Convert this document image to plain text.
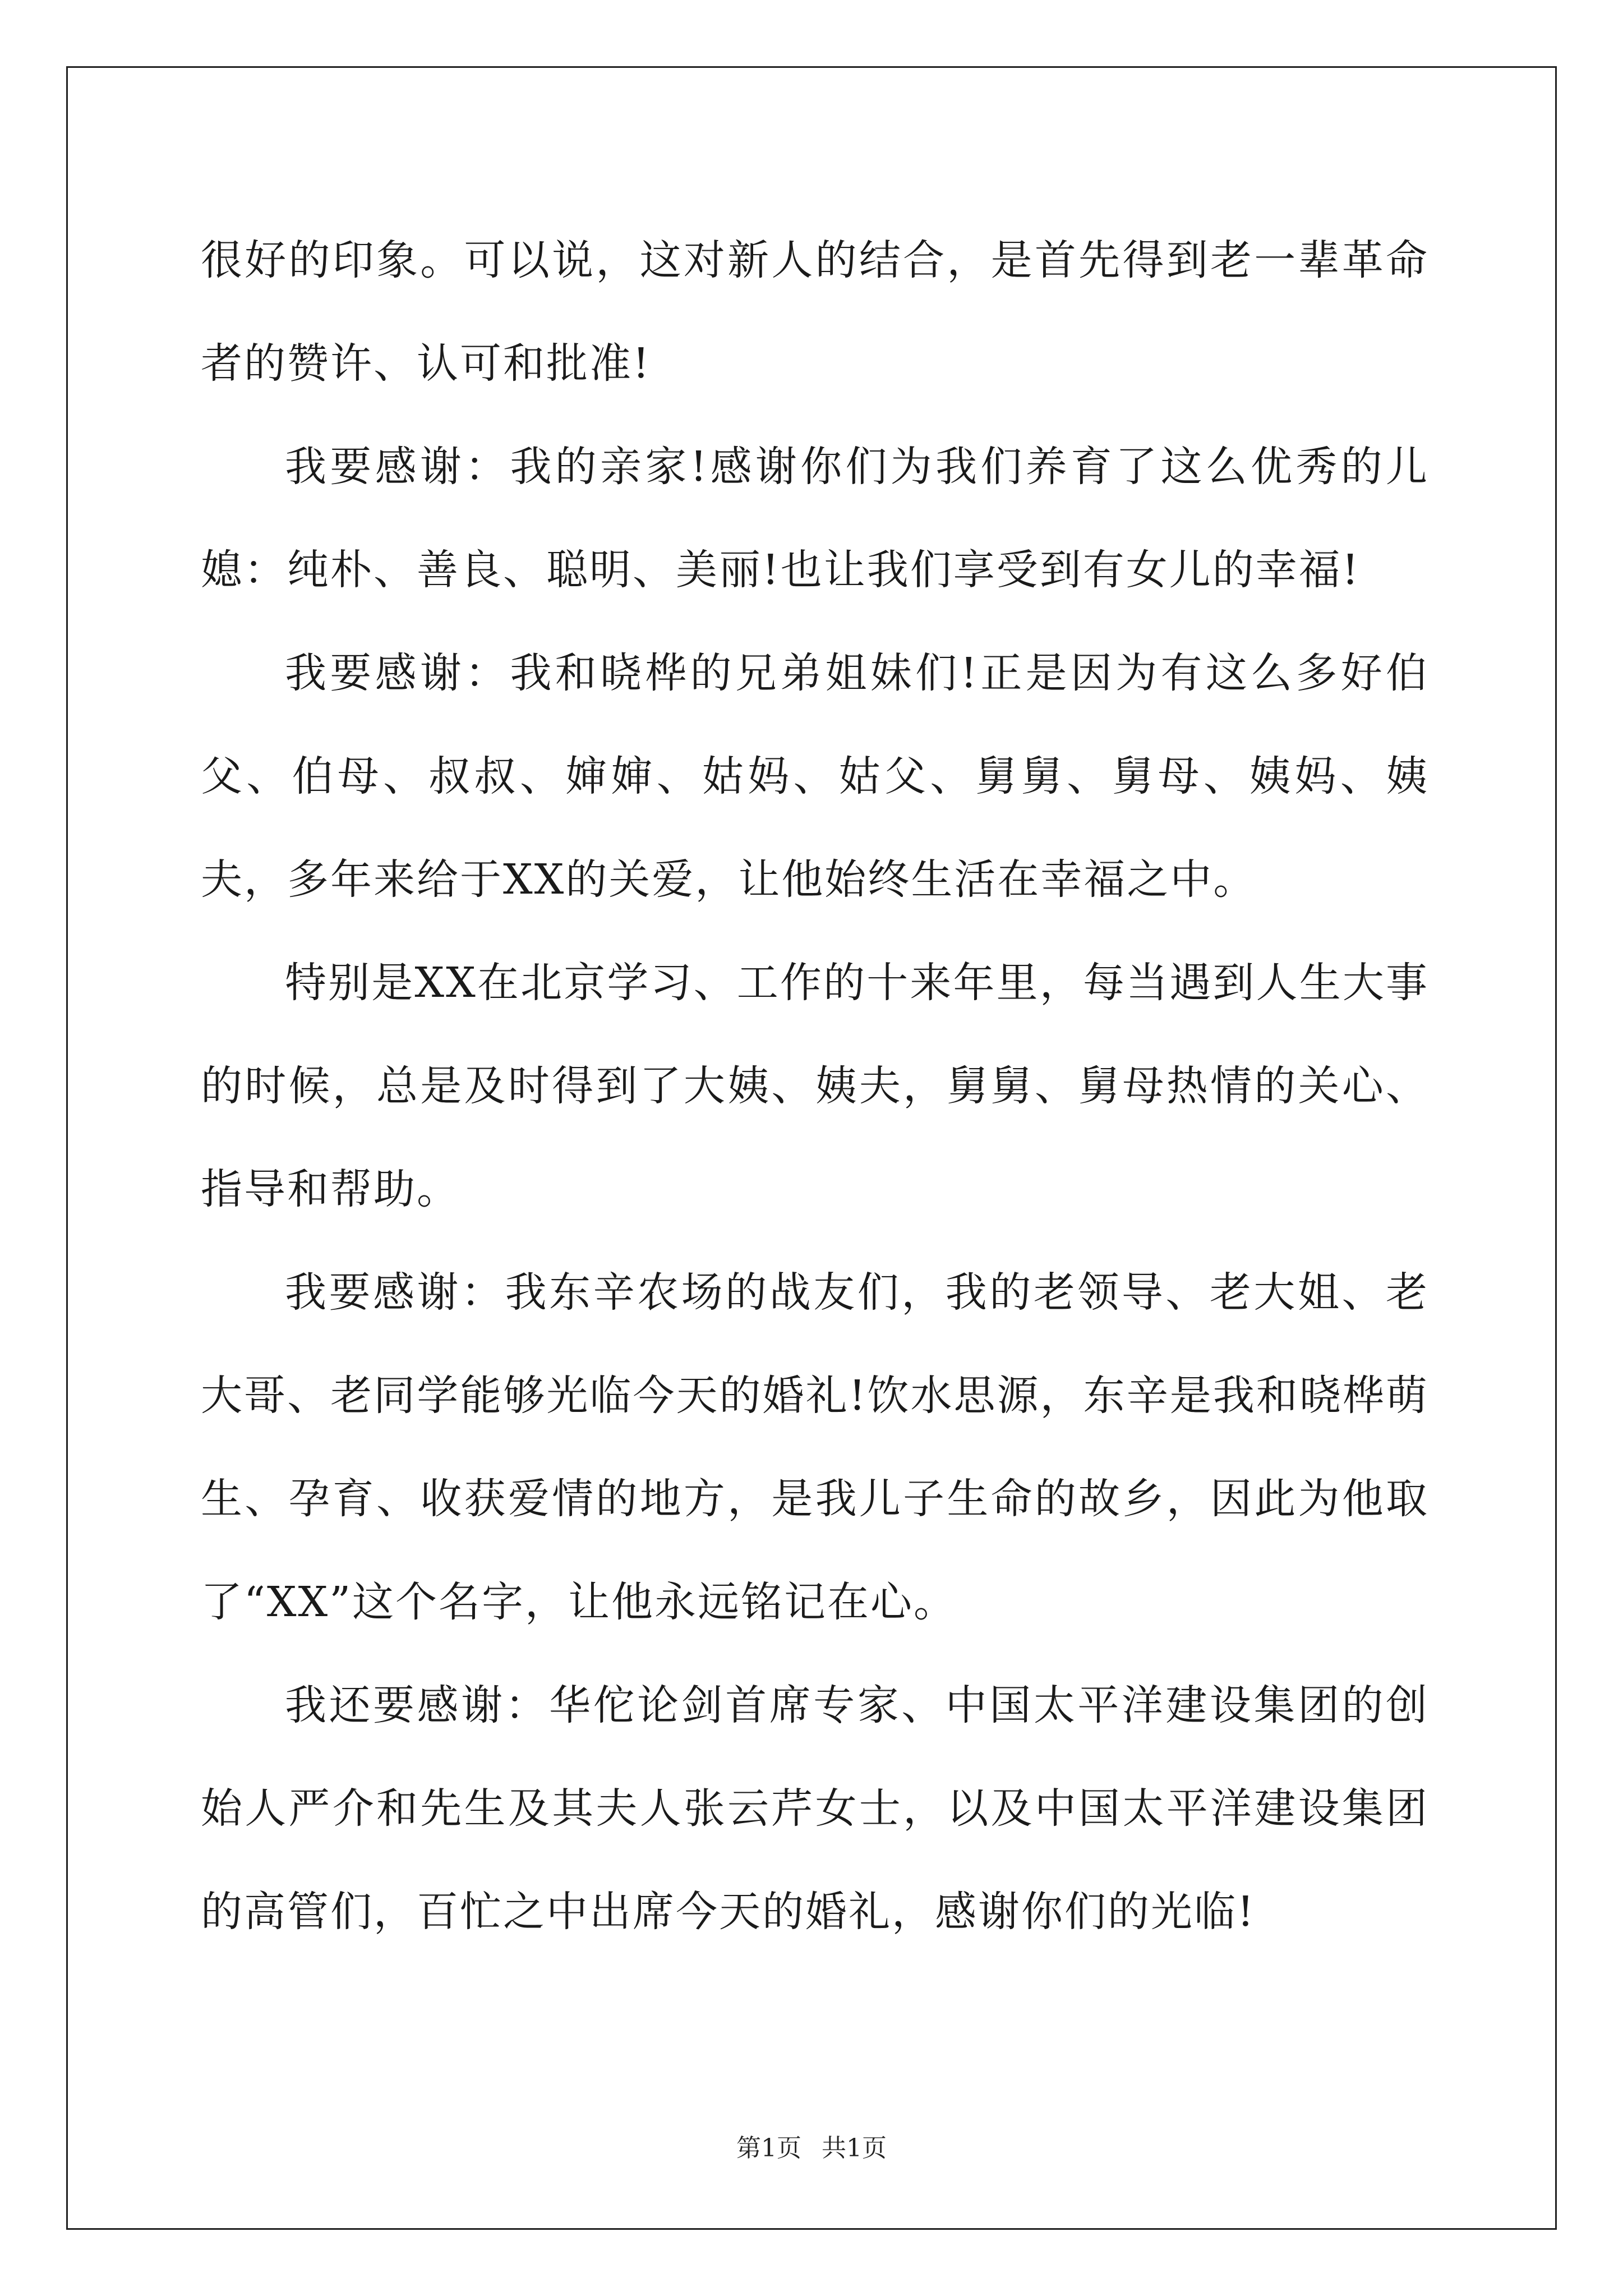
很好的印象。可以说，这对新人的结合，是首先得到老一辈革命者的赞许、认可和批准!

我要感谢：我的亲家!感谢你们为我们养育了这么优秀的儿媳：纯朴、善良、聪明、美丽!也让我们享受到有女儿的幸福!

我要感谢：我和晓桦的兄弟姐妹们!正是因为有这么多好伯父、伯母、叔叔、婶婶、姑妈、姑父、舅舅、舅母、姨妈、姨夫，多年来给于XX的关爱，让他始终生活在幸福之中。

特别是XX在北京学习、工作的十来年里，每当遇到人生大事的时候，总是及时得到了大姨、姨夫，舅舅、舅母热情的关心、指导和帮助。

我要感谢：我东辛农场的战友们，我的老领导、老大姐、老大哥、老同学能够光临今天的婚礼!饮水思源，东辛是我和晓桦萌生、孕育、收获爱情的地方，是我儿子生命的故乡，因此为他取了“XX”这个名字，让他永远铭记在心。

我还要感谢：华佗论剑首席专家、中国太平洋建设集团的创始人严介和先生及其夫人张云芹女士，以及中国太平洋建设集团的高管们，百忙之中出席今天的婚礼，感谢你们的光临!

第1页 共1页
